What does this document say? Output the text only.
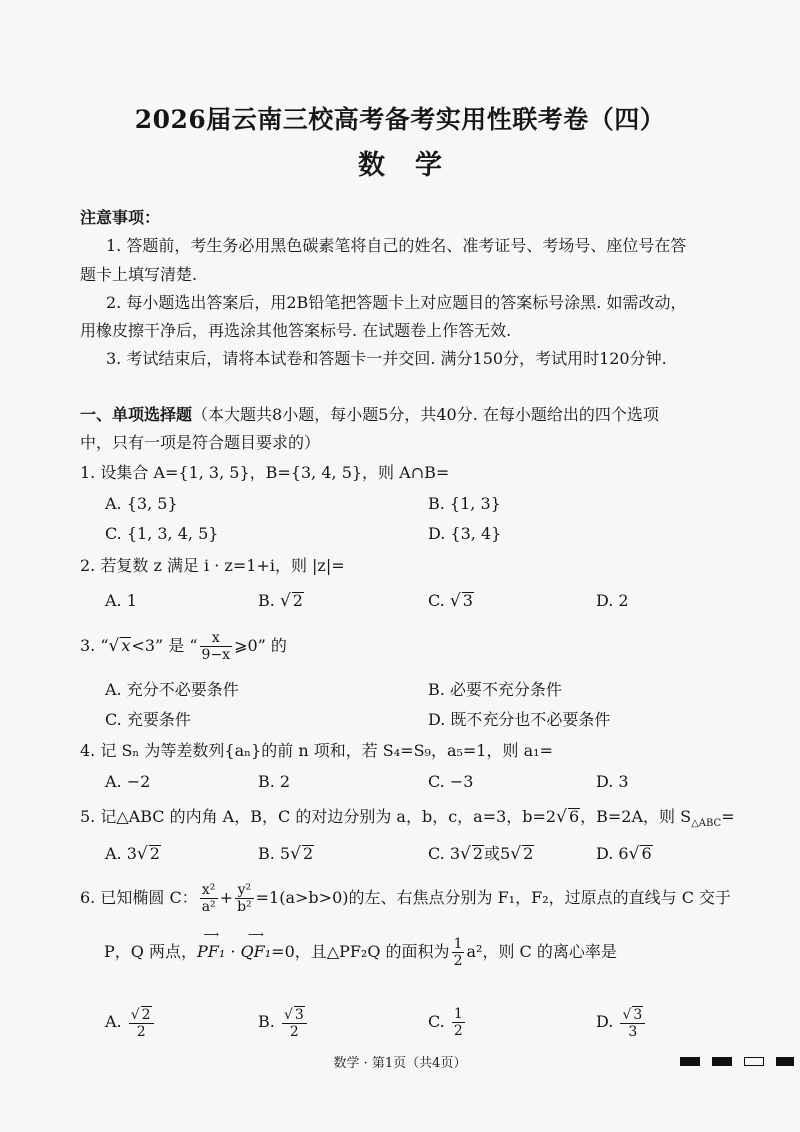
2026届云南三校高考备考实用性联考卷（四）
数学
注意事项：
1. 答题前，考生务必用黑色碳素笔将自己的姓名、准考证号、考场号、座位号在答
题卡上填写清楚.
2. 每小题选出答案后，用2B铅笔把答题卡上对应题目的答案标号涂黑. 如需改动，
用橡皮擦干净后，再选涂其他答案标号. 在试题卷上作答无效.
3. 考试结束后，请将本试卷和答题卡一并交回. 满分150分，考试用时120分钟.
一、单项选择题（本大题共8小题，每小题5分，共40分. 在每小题给出的四个选项
中，只有一项是符合题目要求的）
1. 设集合 A={1, 3, 5}，B={3, 4, 5}，则 A∩B=
A. {3, 5}	B. {1, 3}
C. {1, 3, 4, 5}	D. {3, 4}
2. 若复数 z 满足 i · z=1+i，则 |z|=
A. 1	B. √ 2	C. √ 3	D. 2
3. “√ x<3” 是 “ $\frac{x}{9-x}$ ⩾0” 的
A. 充分不必要条件	B. 必要不充分条件
C. 充要条件	D. 既不充分也不必要条件
4. 记 Sₙ 为等差数列{aₙ}的前 n 项和，若 S₄=S₉，a₅=1，则 a₁=
A. −2	B. 2	C. −3	D. 3
5. 记△ABC 的内角 A，B，C 的对边分别为 a，b，c，a=3，b=2√ 6，B=2A，则 $S_{\triangle ABC}=$
A. 3√ 2	B. 5√ 2	C. 3√ 2或5√ 2	D. 6√ 6
6. 已知椭圆 C： $\frac{\text{x²}}{\text{a²}} + \frac{\text{y²}}{\text{b²}} =1(a>b>0)$的左、右焦点分别为 F₁，F₂，过原点的直线与 C 交于
P，Q 两点，
⟶
PF₁ ·
⟶
QF₁=0，且△PF₂Q 的面积为 $\frac{1}{2} a^2$，则 C 的离心率是
A. $\frac{√ 2}{2}$	B. $\frac{√ 3}{2}$	C. $\frac{1}{2}$	D. $\frac{√ 3}{3}$
数学 · 第1页（共4页）
